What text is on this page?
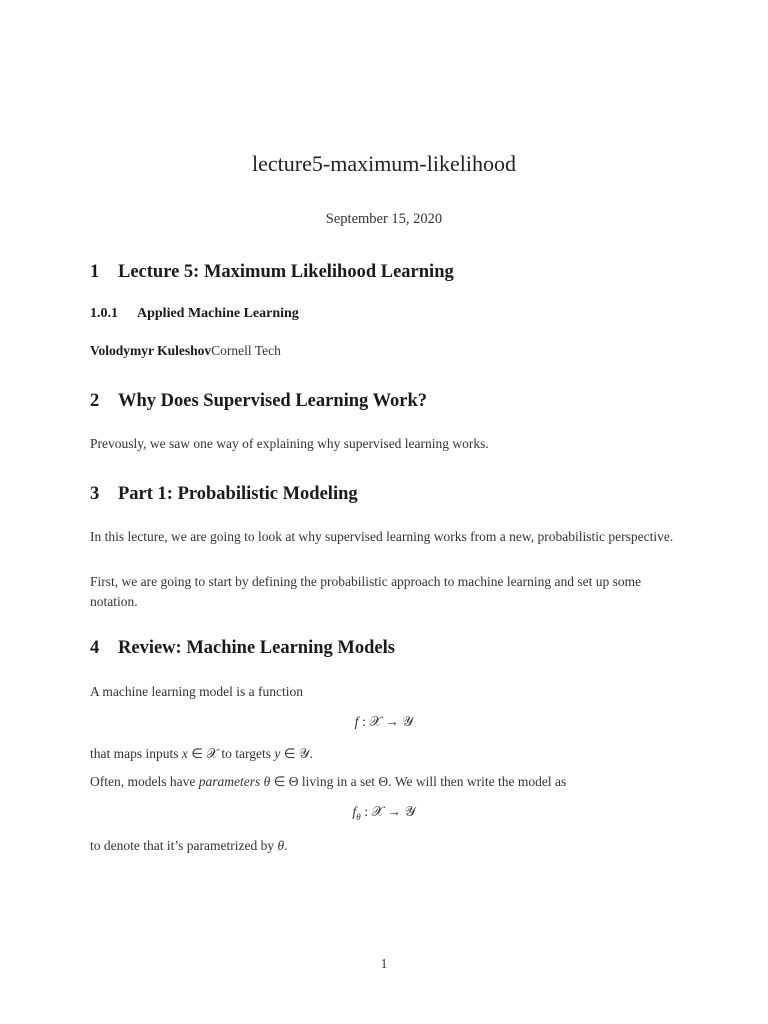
lecture5-maximum-likelihood
September 15, 2020
1 Lecture 5: Maximum Likelihood Learning
1.0.1 Applied Machine Learning
Volodymyr KuleshovCornell Tech
2 Why Does Supervised Learning Work?
Prevously, we saw one way of explaining why supervised learning works.
3 Part 1: Probabilistic Modeling
In this lecture, we are going to look at why supervised learning works from a new, probabilistic perspective.
First, we are going to start by defining the probabilistic approach to machine learning and set up some notation.
4 Review: Machine Learning Models
A machine learning model is a function
f : 𝒳 → 𝒴
that maps inputs x ∈ 𝒳 to targets y ∈ 𝒴.
Often, models have parameters θ ∈ Θ living in a set Θ. We will then write the model as
$f_\theta$ : 𝒳 → 𝒴
to denote that it’s parametrized by θ.
1
